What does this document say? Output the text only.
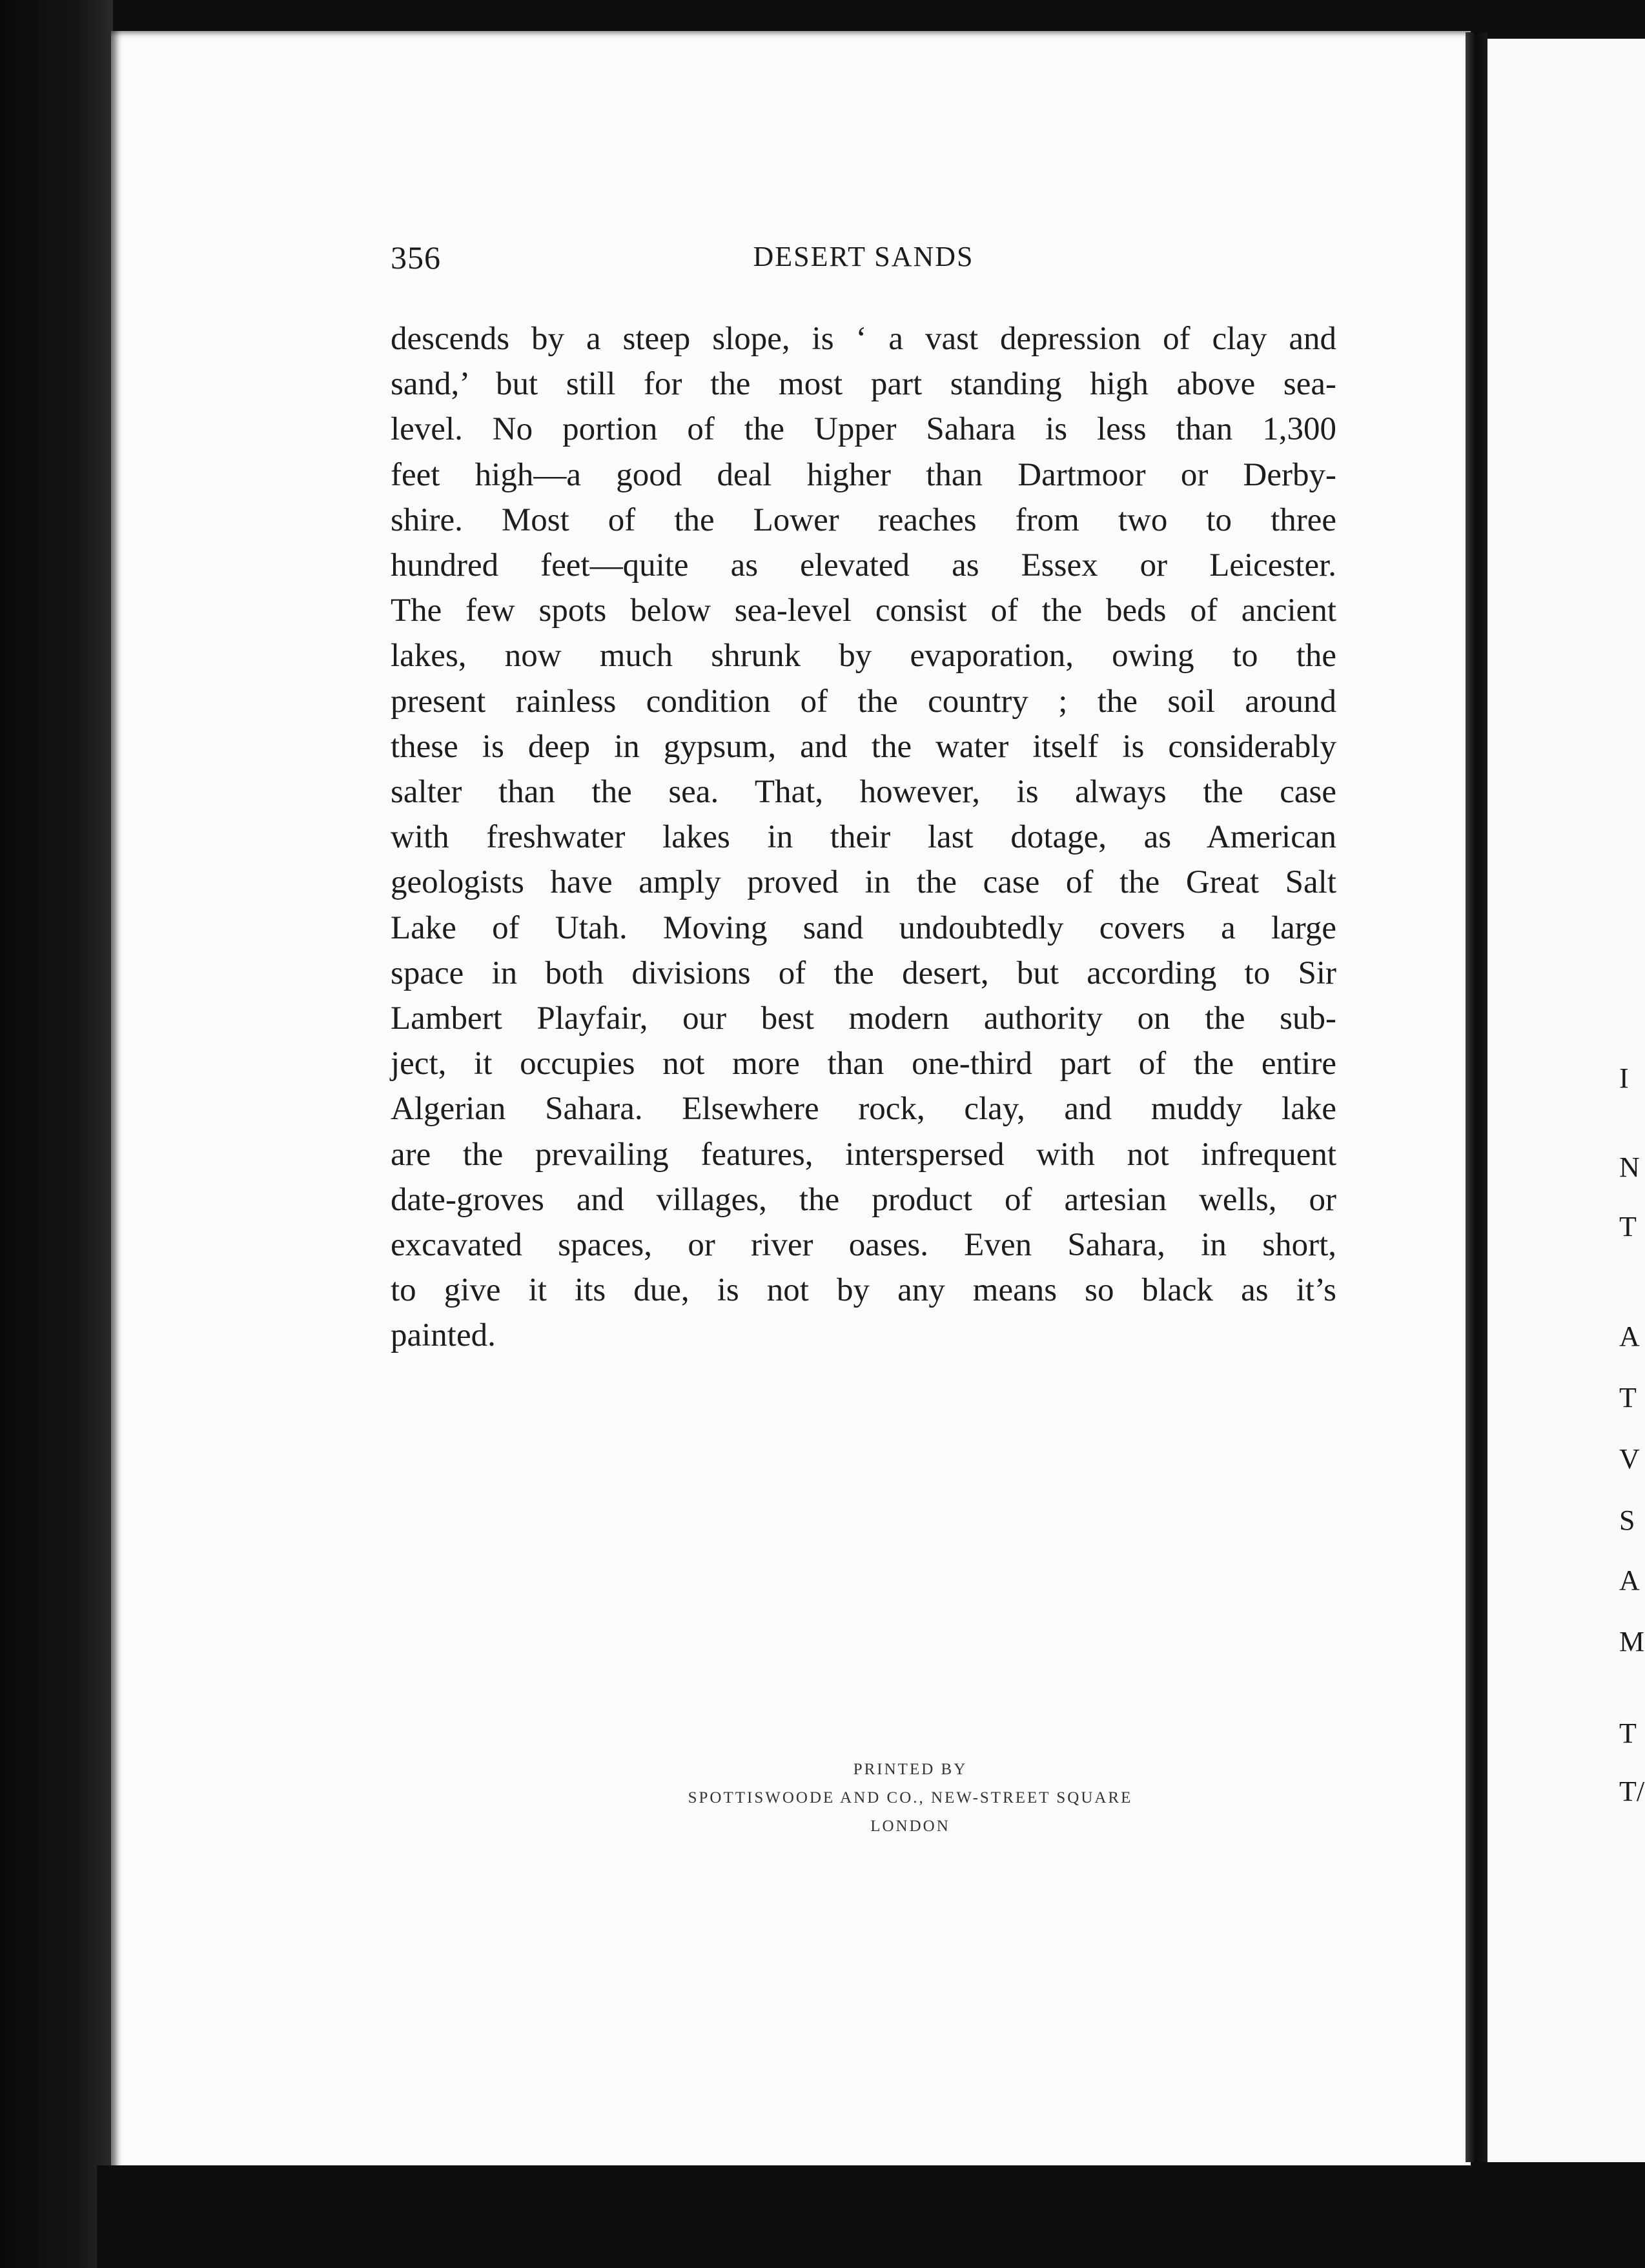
356	DESERT SANDS

descends by a steep slope, is ‘ a vast depression of clay and
sand,’ but still for the most part standing high above sea-
level. No portion of the Upper Sahara is less than 1,300
feet high—a good deal higher than Dartmoor or Derby-
shire. Most of the Lower reaches from two to three
hundred feet—quite as elevated as Essex or Leicester.
The few spots below sea-level consist of the beds of ancient
lakes, now much shrunk by evaporation, owing to the
present rainless condition of the country ; the soil around
these is deep in gypsum, and the water itself is considerably
salter than the sea. That, however, is always the case
with freshwater lakes in their last dotage, as American
geologists have amply proved in the case of the Great Salt
Lake of Utah. Moving sand undoubtedly covers a large
space in both divisions of the desert, but according to Sir
Lambert Playfair, our best modern authority on the sub-
ject, it occupies not more than one-third part of the entire
Algerian Sahara. Elsewhere rock, clay, and muddy lake
are the prevailing features, interspersed with not infrequent
date-groves and villages, the product of artesian wells, or
excavated spaces, or river oases. Even Sahara, in short,
to give it its due, is not by any means so black as it’s
painted.

PRINTED BY
SPOTTISWOODE AND CO., NEW-STREET SQUARE
LONDON
I
N
T
A
T
V
S
A
M
T
T/
